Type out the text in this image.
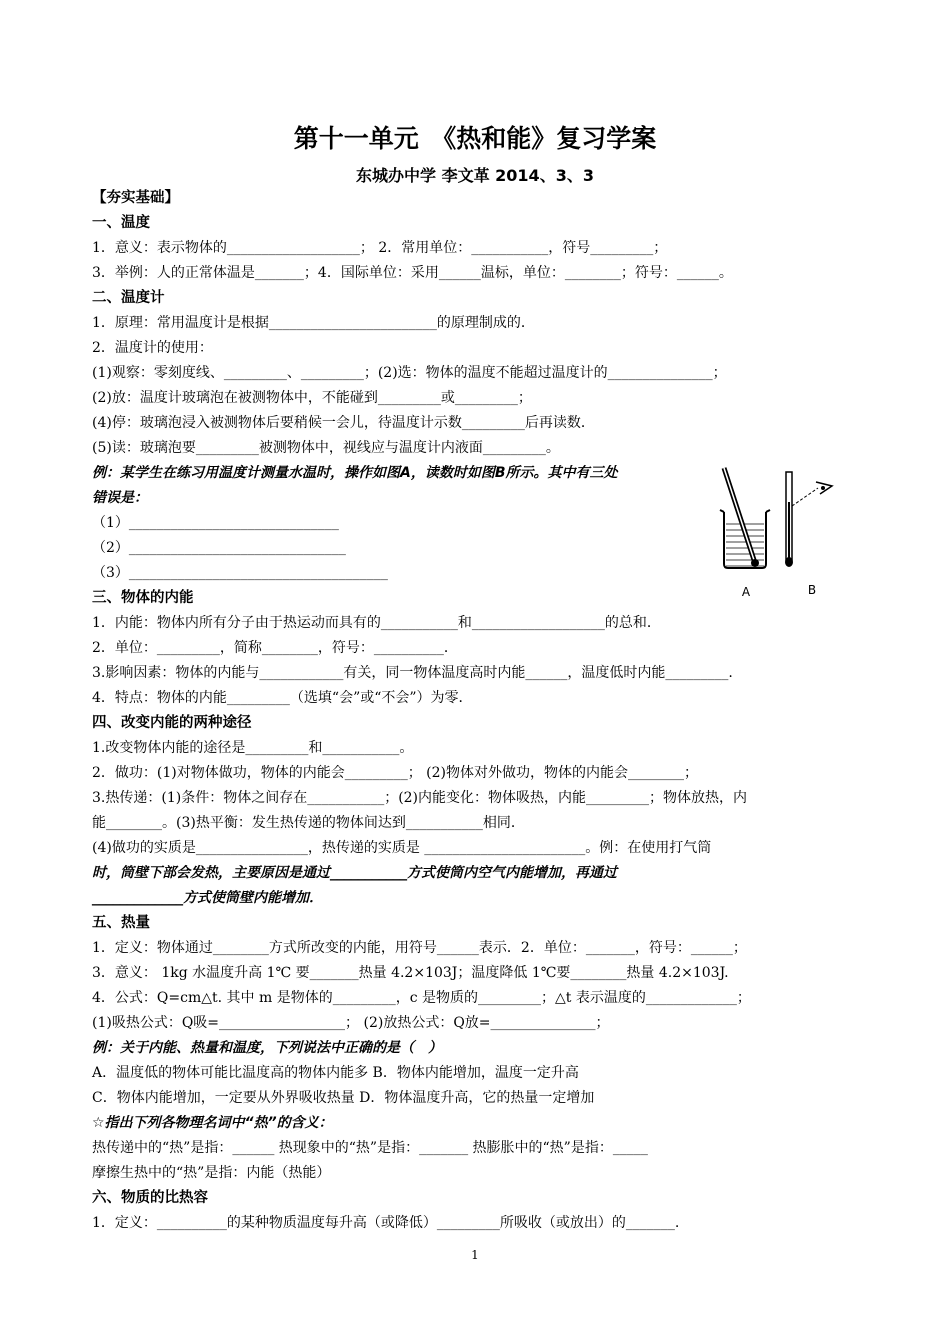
第十一单元　《热和能》复习学案
东城办中学 李文革 2014、3、3
【夯实基础】
一、温度
1．意义：表示物体的___________________； 2．常用单位：___________，符号_________；
3．举例：人的正常体温是_______；4．国际单位：采用______温标，单位：________；符号：______。
二、温度计
1．原理：常用温度计是根据________________________的原理制成的．
2．温度计的使用：
(1)观察：零刻度线、_________、_________；(2)选：物体的温度不能超过温度计的_______________；
(2)放：温度计玻璃泡在被测物体中，不能碰到_________或_________；
(4)停：玻璃泡浸入被测物体后要稍候一会儿，待温度计示数_________后再读数．
(5)读：玻璃泡要_________被测物体中，视线应与温度计内液面_________。
例：某学生在练习用温度计测量水温时，操作如图A，读数时如图B所示。其中有三处
错误是：
（1）______________________________
（2）_______________________________
（3）_____________________________________
三、物体的内能
1．内能：物体内所有分子由于热运动而具有的___________和___________________的总和．
2．单位：_________，简称________，符号：__________．
3.影响因素：物体的内能与____________有关，同一物体温度高时内能______，温度低时内能_________.
4．特点：物体的内能_________（选填“会”或“不会”）为零．
四、改变内能的两种途径
1.改变物体内能的途径是_________和___________。
2．做功：(1)对物体做功，物体的内能会_________； (2)物体对外做功，物体的内能会________；
3.热传递：(1)条件：物体之间存在___________；(2)内能变化：物体吸热，内能_________；物体放热，内
能________。(3)热平衡：发生热传递的物体间达到___________相同．
(4)做功的实质是________________，热传递的实质是 _______________________。例：在使用打气筒
时，筒壁下部会发热，主要原因是通过___________方式使筒内空气内能增加，再通过
_____________方式使筒壁内能增加．
五、热量
1．定义：物体通过________方式所改变的内能，用符号______表示．2．单位：_______，符号：______；
3．意义： 1kg 水温度升高 1℃ 要_______热量 4.2×103J；温度降低 1℃要________热量 4.2×103J.
4．公式：Q=cm△t. 其中 m 是物体的_________，c 是物质的_________；△t 表示温度的_____________；
(1)吸热公式：Q吸=__________________； (2)放热公式：Q放=_______________；
例：关于内能、热量和温度，下列说法中正确的是（　）
A．温度低的物体可能比温度高的物体内能多 B．物体内能增加，温度一定升高
C．物体内能增加，一定要从外界吸收热量 D．物体温度升高，它的热量一定增加
☆指出下列各物理名词中“热”的含义：
热传递中的“热”是指：______ 热现象中的“热”是指：_______ 热膨胀中的“热”是指：_____
摩擦生热中的“热”是指：内能（热能）
六、物质的比热容
1．定义：__________的某种物质温度每升高（或降低）_________所吸收（或放出）的_______.
A	B
1
